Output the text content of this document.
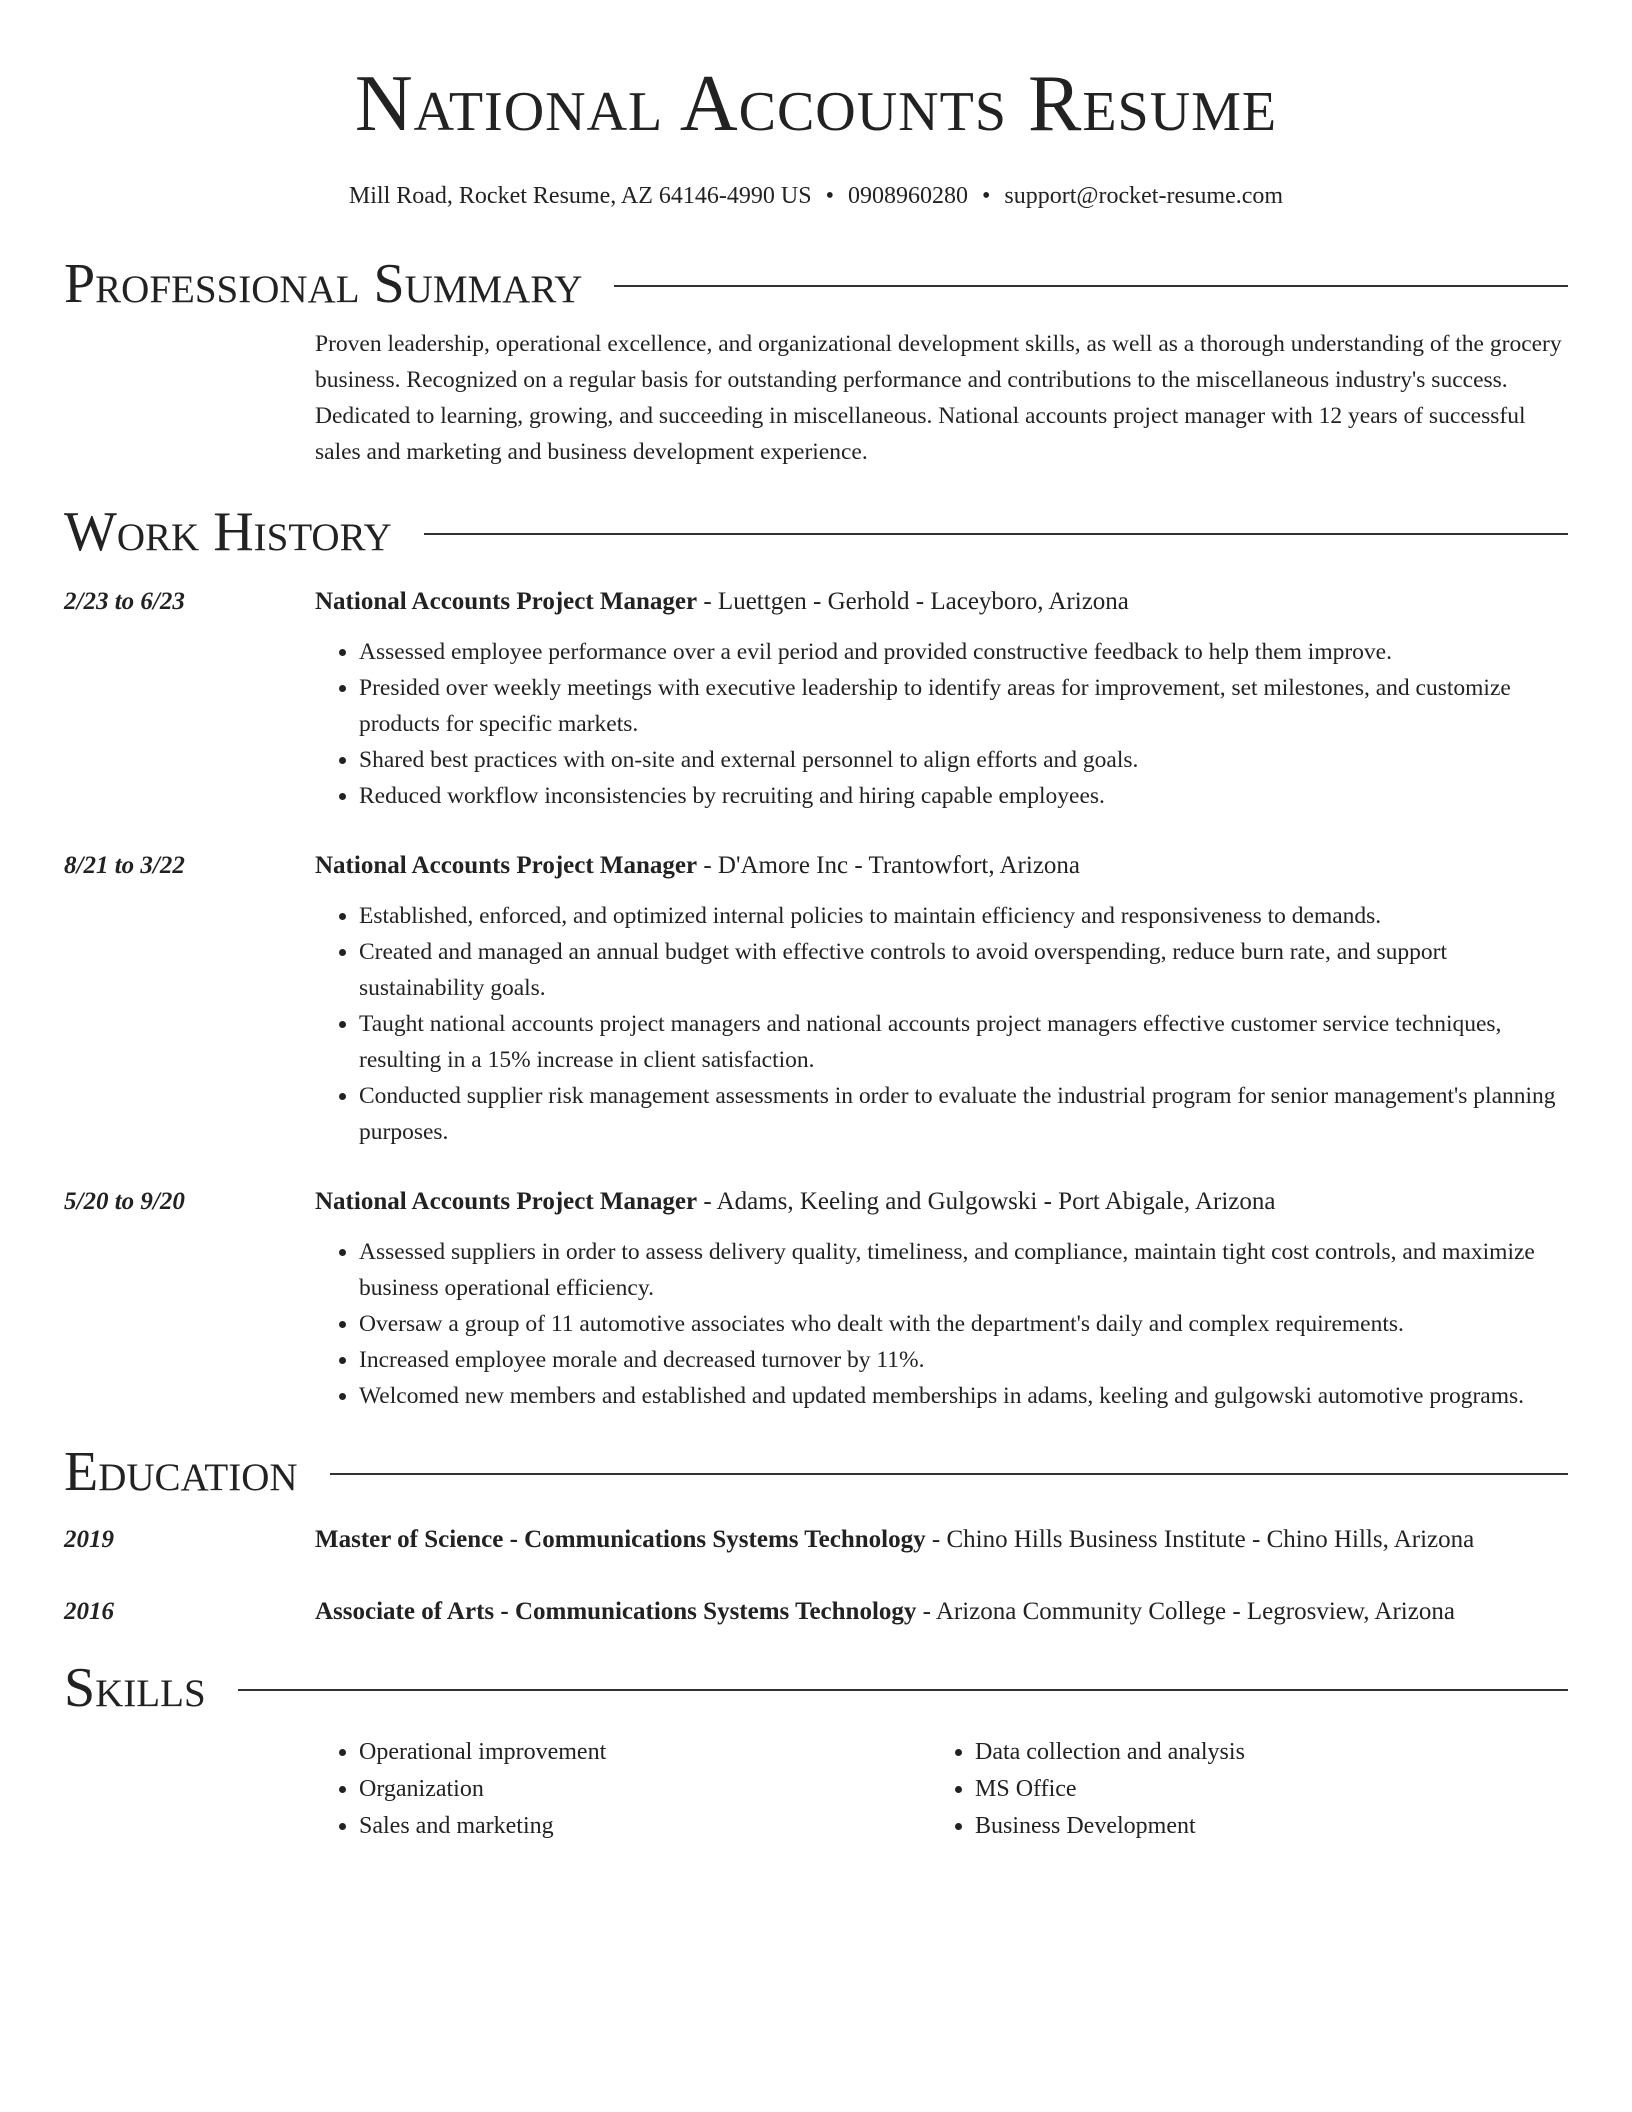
National Accounts Resume
Mill Road, Rocket Resume, AZ 64146-4990 US • 0908960280 • support@rocket-resume.com
Professional Summary
Proven leadership, operational excellence, and organizational development skills, as well as a thorough understanding of the grocery business. Recognized on a regular basis for outstanding performance and contributions to the miscellaneous industry's success. Dedicated to learning, growing, and succeeding in miscellaneous. National accounts project manager with 12 years of successful sales and marketing and business development experience.
Work History
2/23 to 6/23	National Accounts Project Manager - Luettgen - Gerhold - Laceyboro, Arizona
• Assessed employee performance over a evil period and provided constructive feedback to help them improve.
• Presided over weekly meetings with executive leadership to identify areas for improvement, set milestones, and customize products for specific markets.
• Shared best practices with on-site and external personnel to align efforts and goals.
• Reduced workflow inconsistencies by recruiting and hiring capable employees.
8/21 to 3/22	National Accounts Project Manager - D'Amore Inc - Trantowfort, Arizona
• Established, enforced, and optimized internal policies to maintain efficiency and responsiveness to demands.
• Created and managed an annual budget with effective controls to avoid overspending, reduce burn rate, and support sustainability goals.
• Taught national accounts project managers and national accounts project managers effective customer service techniques, resulting in a 15% increase in client satisfaction.
• Conducted supplier risk management assessments in order to evaluate the industrial program for senior management's planning purposes.
5/20 to 9/20	National Accounts Project Manager - Adams, Keeling and Gulgowski - Port Abigale, Arizona
• Assessed suppliers in order to assess delivery quality, timeliness, and compliance, maintain tight cost controls, and maximize business operational efficiency.
• Oversaw a group of 11 automotive associates who dealt with the department's daily and complex requirements.
• Increased employee morale and decreased turnover by 11%.
• Welcomed new members and established and updated memberships in adams, keeling and gulgowski automotive programs.
Education
2019	Master of Science - Communications Systems Technology - Chino Hills Business Institute - Chino Hills, Arizona
2016	Associate of Arts - Communications Systems Technology - Arizona Community College - Legrosview, Arizona
Skills
• Operational improvement
• Organization
• Sales and marketing
• Data collection and analysis
• MS Office
• Business Development
